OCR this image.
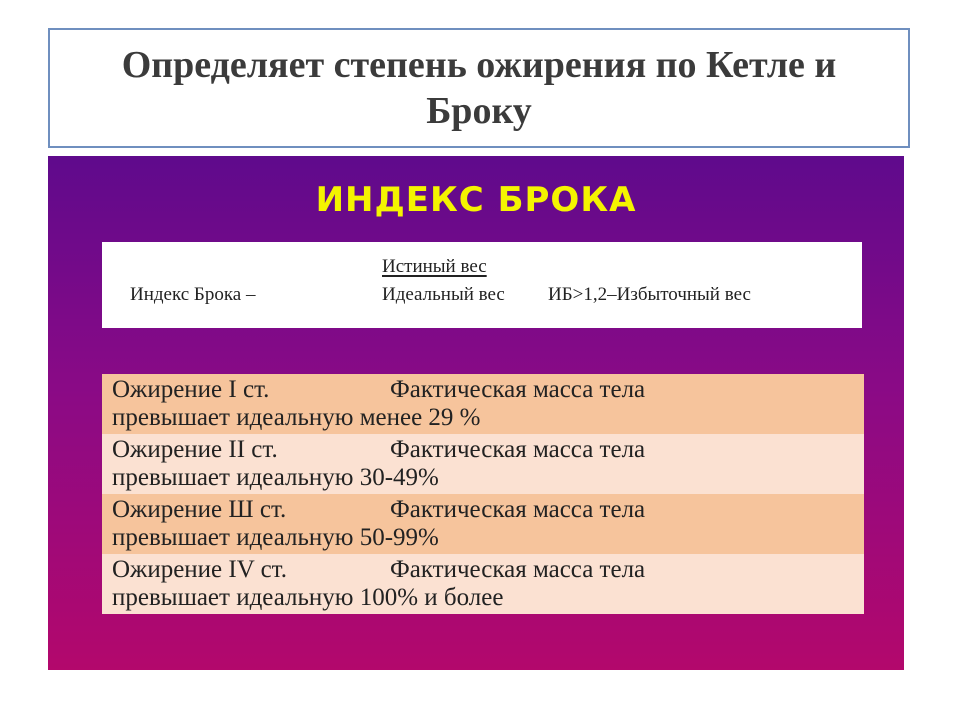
Определяет степень ожирения по Кетле и Броку
ИНДЕКС БРОКА
Истиный вес
Индекс Брока –	Идеальный вес ИБ>1,2–Избыточный вес
Ожирение I ст.	Фактическая масса тела
превышает идеальную менее 29 %
Ожирение II ст.	Фактическая масса тела
превышает идеальную 30-49%
Ожирение Ш ст.	Фактическая масса тела
превышает идеальную 50-99%
Ожирение IV ст.	Фактическая масса тела
превышает идеальную 100% и более
